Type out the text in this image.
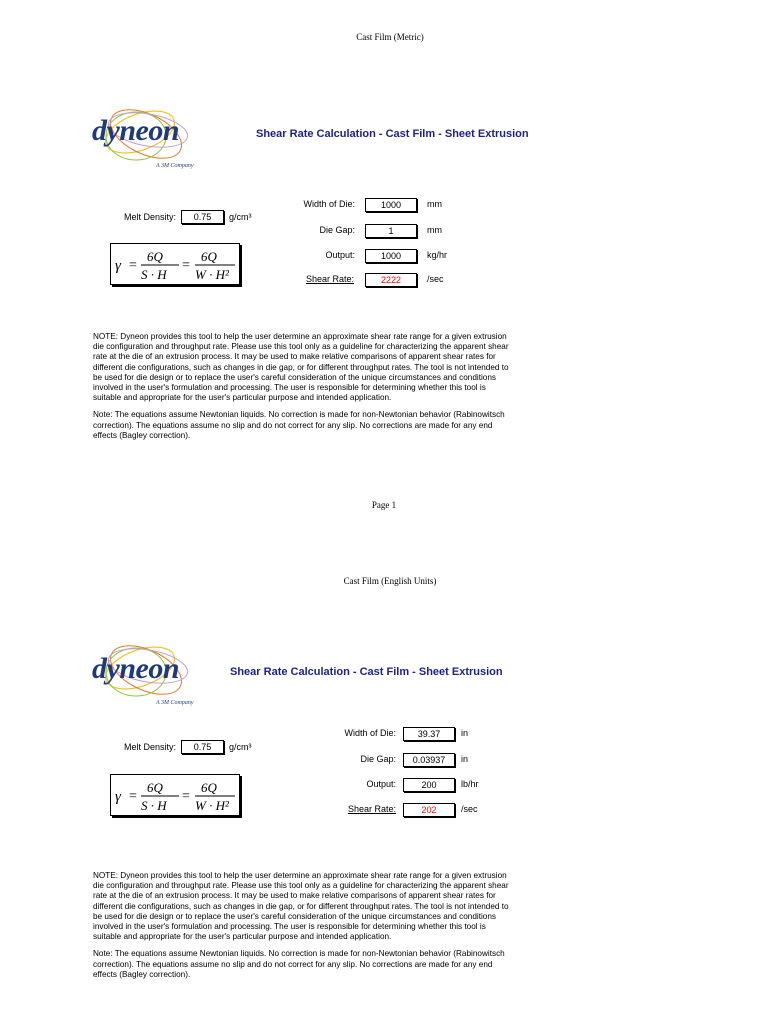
Cast Film (Metric)
dyneon
A 3M Company
Shear Rate Calculation - Cast Film - Sheet Extrusion
Melt Density:	0.75	g/cm³
γ =
6Q
S · H
=
6Q
W · H²
Width of Die:	1000	mm
Die Gap:	1	mm
Output:	1000	kg/hr
Shear Rate:	2222	/sec

NOTE: Dyneon provides this tool to help the user determine an approximate shear rate range for a given extrusion die configuration and throughput rate. Please use this tool only as a guideline for characterizing the apparent shear rate at the die of an extrusion process. It may be used to make relative comparisons of apparent shear rates for different die configurations, such as changes in die gap, or for different throughput rates. The tool is not intended to be used for die design or to replace the user's careful consideration of the unique circumstances and conditions involved in the user's formulation and processing. The user is responsible for determining whether this tool is suitable and appropriate for the user's particular purpose and intended application.

Note: The equations assume Newtonian liquids. No correction is made for non-Newtonian behavior (Rabinowitsch correction). The equations assume no slip and do not correct for any slip. No corrections are made for any end effects (Bagley correction).

Page 1
Cast Film (English Units)
dyneon
A 3M Company
Shear Rate Calculation - Cast Film - Sheet Extrusion
Melt Density:	0.75	g/cm³
γ =
6Q
S · H
=
6Q
W · H²
Width of Die:	39.37	in
Die Gap:	0.03937	in
Output:	200	lb/hr
Shear Rate:	202	/sec

NOTE: Dyneon provides this tool to help the user determine an approximate shear rate range for a given extrusion die configuration and throughput rate. Please use this tool only as a guideline for characterizing the apparent shear rate at the die of an extrusion process. It may be used to make relative comparisons of apparent shear rates for different die configurations, such as changes in die gap, or for different throughput rates. The tool is not intended to be used for die design or to replace the user's careful consideration of the unique circumstances and conditions involved in the user's formulation and processing. The user is responsible for determining whether this tool is suitable and appropriate for the user's particular purpose and intended application.

Note: The equations assume Newtonian liquids. No correction is made for non-Newtonian behavior (Rabinowitsch correction). The equations assume no slip and do not correct for any slip. No corrections are made for any end effects (Bagley correction).
